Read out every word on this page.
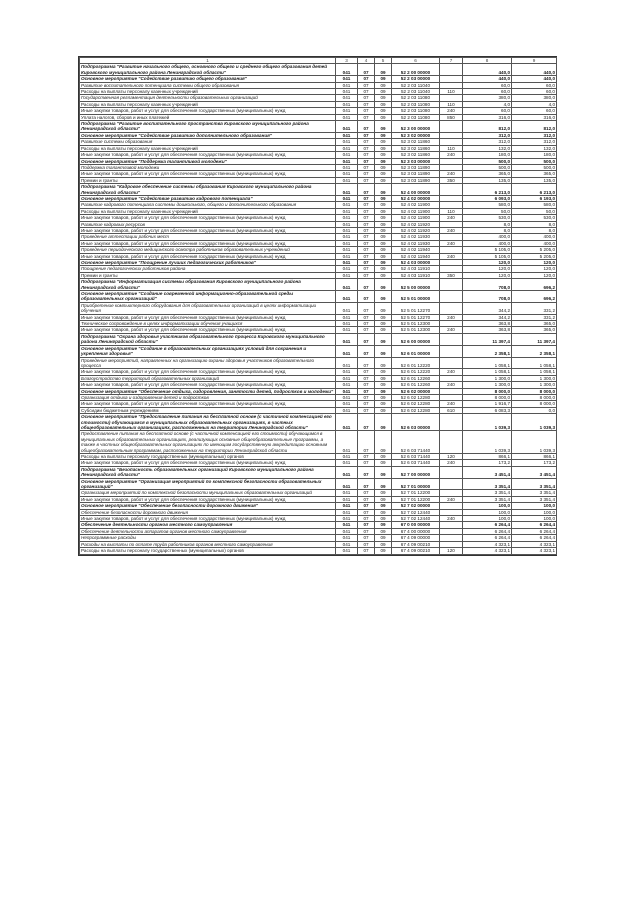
1	3	4	5	6	7	8	9
Подпрограмма "Развитие начального общего, основного общего и среднего общего образования детей Кировского муниципального района Ленинградской области"	041	07	09	52 2 00 00000		440,0	440,0
Основное мероприятие "Содействие развитию общего образования"	041	07	09	52 2 03 00000		440,0	440,0
Развитие воспитательного потенциала системы общего образования	041	07	09	52 2 03 11040		60,0	60,0
Расходы на выплаты персоналу казенных учреждений	041	07	09	52 2 03 11040	110	60,0	60,0
Государственная регламентация деятельности образовательных организаций	041	07	09	52 2 03 11080		380,0	380,0
Расходы на выплаты персоналу казенных учреждений	041	07	09	52 2 03 11080	110	4,0	4,0
Иные закупки товаров, работ и услуг для обеспечения государственных (муниципальных) нужд	041	07	09	52 2 03 11080	240	60,0	60,0
Уплата налогов, сборов и иных платежей	041	07	09	52 2 03 11080	850	316,0	316,0
Подпрограмма "Развитие воспитательного пространства Кировского муниципального района Ленинградской области"	041	07	09	52 3 00 00000		812,0	812,0
Основное мероприятие "Содействие развитию дополнительного образования"	041	07	09	52 3 02 00000		312,0	312,0
Развитие системы образования	041	07	09	52 3 02 11860		312,0	312,0
Расходы на выплаты персоналу казенных учреждений	041	07	09	52 3 02 11860	110	132,0	132,0
Иные закупки товаров, работ и услуг для обеспечения государственных (муниципальных) нужд	041	07	09	52 3 02 11860	240	180,0	180,0
Основное мероприятие "Поддержка талантливой молодежи"	041	07	09	52 3 03 00000		500,0	500,0
Поддержка талантливой молодежи	041	07	09	52 3 03 11890		500,0	500,0
Иные закупки товаров, работ и услуг для обеспечения государственных (муниципальных) нужд	041	07	09	52 3 03 11890	240	365,0	365,0
Премии и гранты	041	07	09	52 3 03 11890	350	135,0	135,0
Подпрограмма "Кадровое обеспечение системы образования Кировского муниципального района Ленинградской области"	041	07	09	52 4 00 00000		6 213,0	6 213,0
Основное мероприятие "Содействие развитию кадрового потенциала"	041	07	09	52 4 02 00000		6 093,0	6 193,0
Развитие кадрового потенциала системы дошкольного, общего и дополнительного образования	041	07	09	52 4 02 11900		580,0	580,0
Расходы на выплаты персоналу казенных учреждений	041	07	09	52 4 02 11900	110	50,0	50,0
Иные закупки товаров, работ и услуг для обеспечения государственных (муниципальных) нужд	041	07	09	52 4 02 11900	240	530,0	530,0
Развитие кадровых ресурсов	041	07	09	52 4 02 11920		8,0	8,0
Иные закупки товаров, работ и услуг для обеспечения государственных (муниципальных) нужд	041	07	09	52 4 02 11920	240	8,0	8,0
Проведение аттестации рабочих мест	041	07	09	52 4 02 11930		400,0	400,0
Иные закупки товаров, работ и услуг для обеспечения государственных (муниципальных) нужд	041	07	09	52 4 02 11930	240	400,0	400,0
Проведение периодического медицинского осмотра работников образовательных учреждений	041	07	09	52 4 02 11940		5 105,0	5 205,0
Иные закупки товаров, работ и услуг для обеспечения государственных (муниципальных) нужд	041	07	09	52 4 02 11940	240	5 105,0	5 205,0
Основное мероприятие "Поощрение лучших педагогических работников"	041	07	09	52 4 03 00000		120,0	120,0
Поощрение педагогических работников района	041	07	09	52 4 03 11910		120,0	120,0
Премии и гранты	041	07	09	52 4 03 11910	350	120,0	120,0
Подпрограмма "Информатизация системы образования Кировского муниципального района Ленинградской области"	041	07	09	52 5 00 00000		708,0	696,2
Основное мероприятие "Создание современной информационно-образовательной среды образовательных организаций"	041	07	09	52 5 01 00000		708,0	696,2
Приобретение компьютерного оборудования для образовательных организаций в целях информатизации обучения	041	07	09	52 5 01 12270		344,2	331,2
Иные закупки товаров, работ и услуг для обеспечения государственных (муниципальных) нужд	041	07	09	52 5 01 12270	240	344,2	331,2
Техническое сопровождение в целях информатизации обучения учащихся	041	07	09	52 5 01 12300		363,8	365,0
Иные закупки товаров, работ и услуг для обеспечения государственных (муниципальных) нужд	041	07	09	52 5 01 12300	240	363,8	365,0
Подпрограмма "Охрана здоровья участников образовательного процесса Кировского муниципального района Ленинградской области"	041	07	09	52 6 00 00000		11 397,4	11 397,4
Основное мероприятие "Создание в образовательных организациях условий для сохранения и укрепления здоровья"	041	07	09	52 6 01 00000		2 358,1	2 358,1
Проведение мероприятий, направленных на организацию охраны здоровья участников образовательного процесса	041	07	09	52 6 01 12220		1 058,1	1 058,1
Иные закупки товаров, работ и услуг для обеспечения государственных (муниципальных) нужд	041	07	09	52 6 01 12220	240	1 058,1	1 058,1
Благоустройство территорий образовательных организаций	041	07	09	52 6 01 12260		1 300,0	1 300,0
Иные закупки товаров, работ и услуг для обеспечения государственных (муниципальных) нужд	041	07	09	52 6 01 12260	240	1 300,0	1 300,0
Основное мероприятие "Обеспечение отдыха, оздоровления, занятости детей, подростков и молодежи"	041	07	09	52 6 02 00000		8 000,0	8 000,0
Организация отдыха и оздоровления детей и подростков	041	07	09	52 6 02 12280		8 000,0	8 000,0
Иные закупки товаров, работ и услуг для обеспечения государственных (муниципальных) нужд	041	07	09	52 6 02 12280	240	1 916,7	8 000,0
Субсидии бюджетным учреждениям	041	07	09	52 6 02 12280	610	6 083,3	0,0
Основное мероприятие "Предоставление питания на бесплатной основе (с частичной компенсацией его стоимости) обучающимся в муниципальных образовательных организациях, в частных общеобразовательных организациях, расположенных на территории Ленинградской области"	041	07	09	52 6 03 00000		1 039,3	1 039,3
Предоставление питания на бесплатной основе (с частичной компенсацией его стоимости) обучающимся в муниципальных образовательных организациях, реализующих основные общеобразовательные программы, а также в частных общеобразовательных организациях по имеющим государственную аккредитацию основным общеобразовательным программам, расположенных на территории Ленинградской области	041	07	09	52 6 03 71440		1 039,3	1 039,3
Расходы на выплаты персоналу государственных (муниципальных) органов	041	07	09	52 6 03 71440	120	866,1	866,1
Иные закупки товаров, работ и услуг для обеспечения государственных (муниципальных) нужд	041	07	09	52 6 03 71440	240	173,2	173,2
Подпрограмма "Безопасность образовательных организаций Кировского муниципального района Ленинградской области"	041	07	09	52 7 00 00000		3 451,4	3 451,4
Основное мероприятие "Организация мероприятий по комплексной безопасности образовательных организаций"	041	07	09	52 7 01 00000		3 351,4	3 351,4
Организация мероприятий по комплексной безопасности муниципальных образовательных организаций	041	07	09	52 7 01 12200		3 351,4	3 351,4
Иные закупки товаров, работ и услуг для обеспечения государственных (муниципальных) нужд	041	07	09	52 7 01 12200	240	3 351,4	3 351,4
Основное мероприятие "Обеспечение безопасности дорожного движения"	041	07	09	52 7 02 00000		100,0	100,0
Обеспечение безопасности дорожного движения	041	07	09	52 7 02 12440		100,0	100,0
Иные закупки товаров, работ и услуг для обеспечения государственных (муниципальных) нужд	041	07	09	52 7 02 12440	240	100,0	100,0
Обеспечение деятельности органов местного самоуправления	041	07	09	67 0 00 00000		6 264,4	6 264,4
Обеспечение деятельности аппаратов органов местного самоуправления	041	07	09	67 4 00 00000		6 264,4	6 264,4
Непрограммные расходы	041	07	09	67 4 09 00000		6 264,4	6 264,4
Расходы на выплаты по оплате труда работников органов местного самоуправления	041	07	09	67 4 09 00210		4 323,1	4 323,1
Расходы на выплаты персоналу государственных (муниципальных) органов	041	07	09	67 4 09 00210	120	4 323,1	4 323,1
